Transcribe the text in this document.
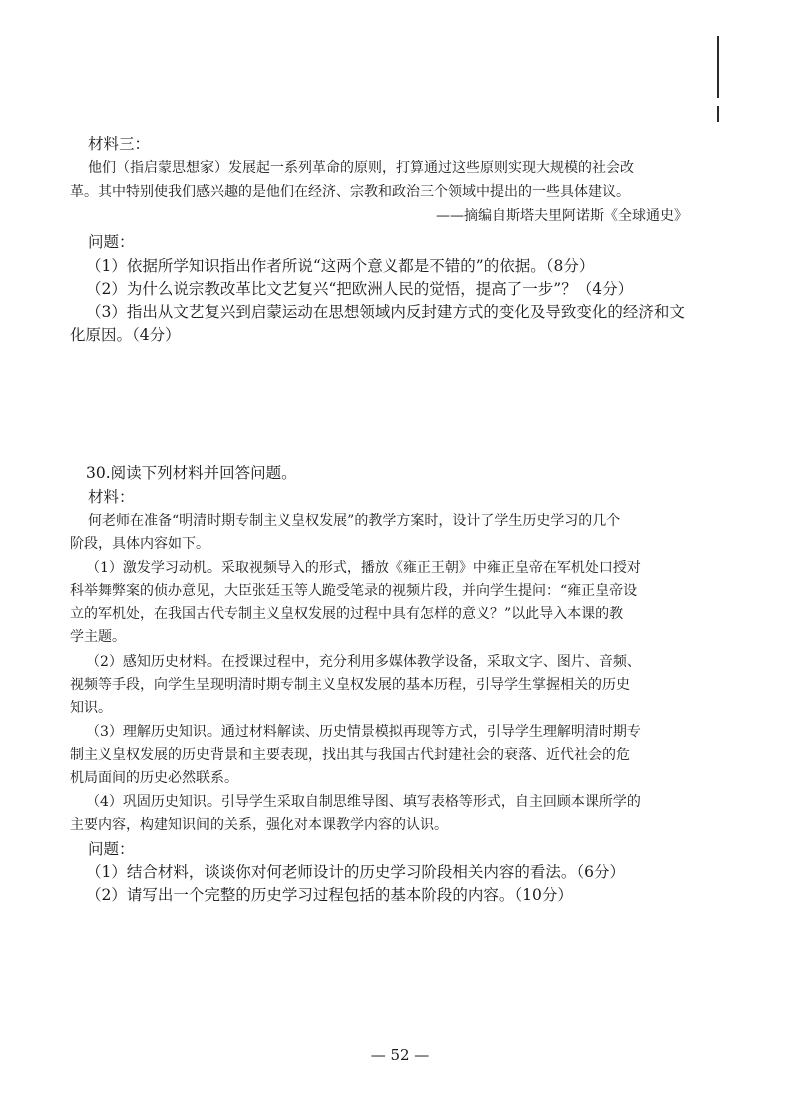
材料三：
他们（指启蒙思想家）发展起一系列革命的原则，打算通过这些原则实现大规模的社会改
革。其中特别使我们感兴趣的是他们在经济、宗教和政治三个领域中提出的一些具体建议。
——摘编自斯塔夫里阿诺斯《全球通史》
问题：
（1）依据所学知识指出作者所说“这两个意义都是不错的”的依据。（8分）
（2）为什么说宗教改革比文艺复兴“把欧洲人民的觉悟，提高了一步”？（4分）
（3）指出从文艺复兴到启蒙运动在思想领域内反封建方式的变化及导致变化的经济和文
化原因。（4分）
30.阅读下列材料并回答问题。
材料：
何老师在准备“明清时期专制主义皇权发展”的教学方案时，设计了学生历史学习的几个
阶段，具体内容如下。
（1）激发学习动机。采取视频导入的形式，播放《雍正王朝》中雍正皇帝在军机处口授对
科举舞弊案的侦办意见，大臣张廷玉等人跪受笔录的视频片段，并向学生提问：“雍正皇帝设
立的军机处，在我国古代专制主义皇权发展的过程中具有怎样的意义？”以此导入本课的教
学主题。
（2）感知历史材料。在授课过程中，充分利用多媒体教学设备，采取文字、图片、音频、
视频等手段，向学生呈现明清时期专制主义皇权发展的基本历程，引导学生掌握相关的历史
知识。
（3）理解历史知识。通过材料解读、历史情景模拟再现等方式，引导学生理解明清时期专
制主义皇权发展的历史背景和主要表现，找出其与我国古代封建社会的衰落、近代社会的危
机局面间的历史必然联系。
（4）巩固历史知识。引导学生采取自制思维导图、填写表格等形式，自主回顾本课所学的
主要内容，构建知识间的关系，强化对本课教学内容的认识。
问题：
（1）结合材料，谈谈你对何老师设计的历史学习阶段相关内容的看法。（6分）
（2）请写出一个完整的历史学习过程包括的基本阶段的内容。（10分）
— 52 —
